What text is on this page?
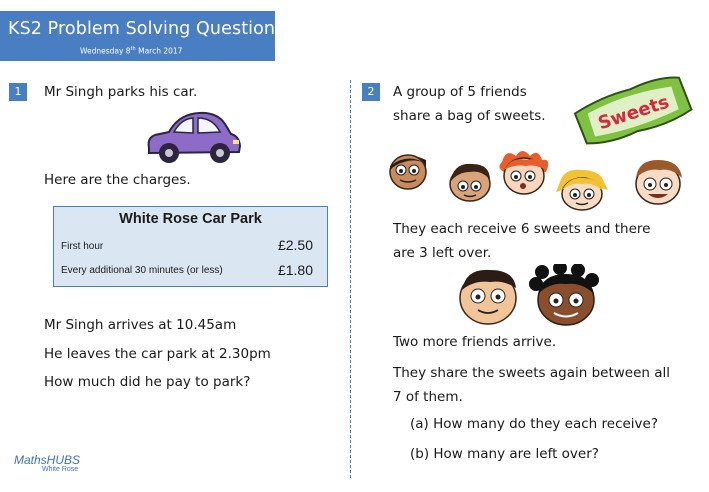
KS2 Problem Solving Questions
Wednesday 8th March 2017
1	Mr Singh parks his car.
Here are the charges.
White Rose Car Park
First hour	£2.50
Every additional 30 minutes (or less)	£1.80
Mr Singh arrives at 10.45am
He leaves the car park at 2.30pm
How much did he pay to park?
2	A group of 5 friends
share a bag of sweets.	Sweets
They each receive 6 sweets and there
are 3 left over.
Two more friends arrive.
They share the sweets again between all
7 of them.
(a) How many do they each receive?
(b) How many are left over?
MathsHUBS
White Rose
